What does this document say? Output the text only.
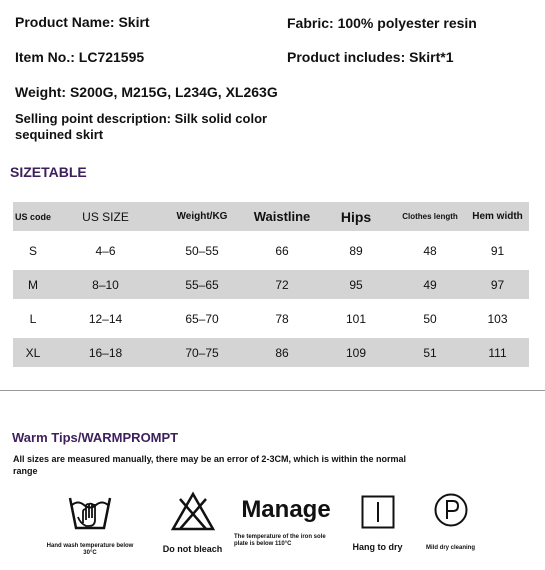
Product Name: Skirt	Fabric: 100% polyester resin
Item No.: LC721595	Product includes: Skirt*1
Weight: S200G, M215G, L234G, XL263G
Selling point description: Silk solid color sequined skirt
SIZETABLE
US code	US SIZE	Weight/KG	Waistline	Hips	Clothes length	Hem width
S	4–6	50–55	66	89	48	91
M	8–10	55–65	72	95	49	97
L	12–14	65–70	78	101	50	103
XL	16–18	70–75	86	109	51	111
Warm Tips/WARMPROMPT
All sizes are measured manually, there may be an error of 2-3CM, which is within the normal range
Hand wash temperature below 30°C	Do not bleach
Manage
The temperature of the iron sole plate is below 110°C	Hang to dry	Mild dry cleaning
